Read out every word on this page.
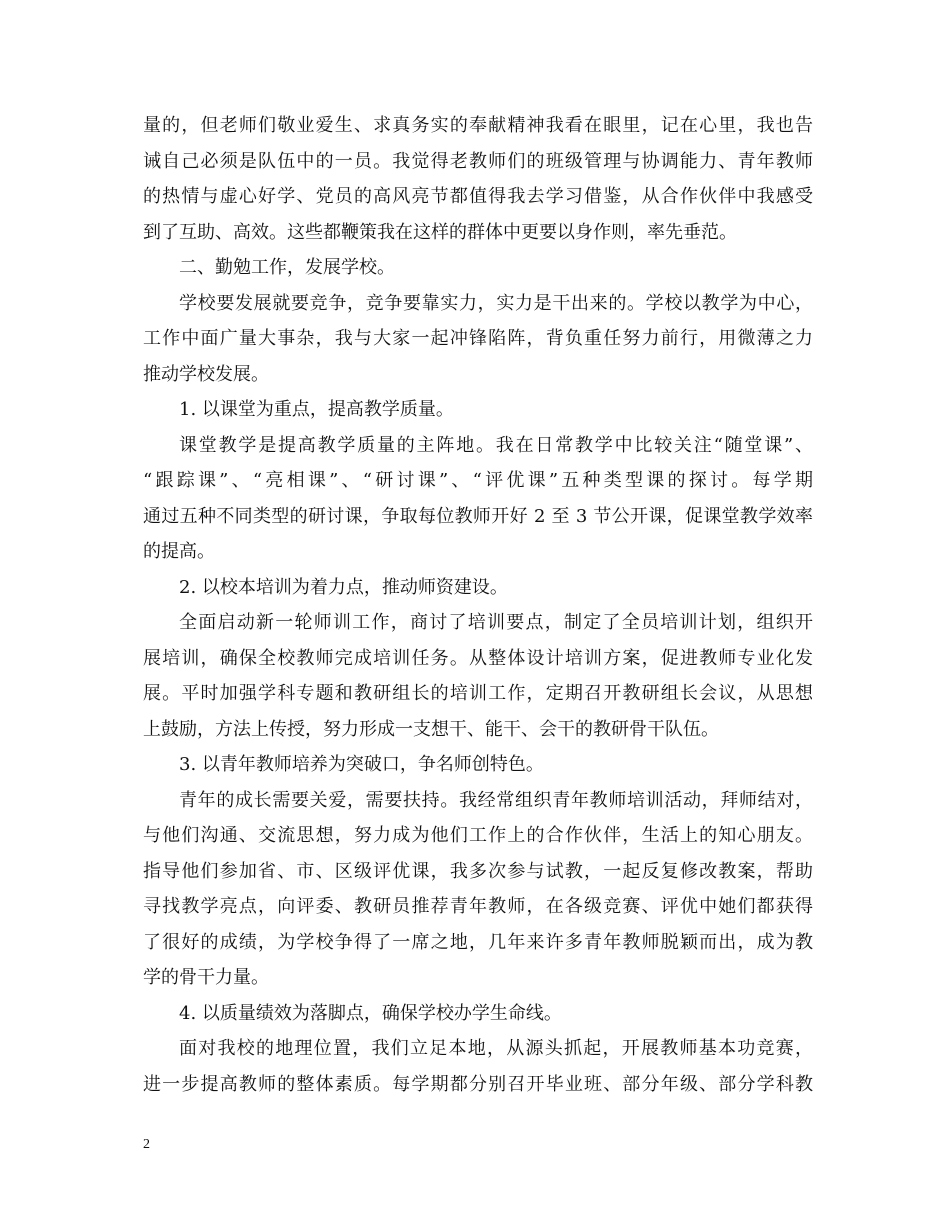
量的，但老师们敬业爱生、求真务实的奉献精神我看在眼里，记在心里，我也告
诫自己必须是队伍中的一员。我觉得老教师们的班级管理与协调能力、青年教师
的热情与虚心好学、党员的高风亮节都值得我去学习借鉴，从合作伙伴中我感受
到了互助、高效。这些都鞭策我在这样的群体中更要以身作则，率先垂范。
二、勤勉工作，发展学校。
学校要发展就要竞争，竞争要靠实力，实力是干出来的。学校以教学为中心，
工作中面广量大事杂，我与大家一起冲锋陷阵，背负重任努力前行，用微薄之力
推动学校发展。
1. 以课堂为重点，提高教学质量。
课堂教学是提高教学质量的主阵地。我在日常教学中比较关注“随堂课”、
“跟踪课”、“亮相课”、“研讨课”、“评优课”五种类型课的探讨。每学期
通过五种不同类型的研讨课，争取每位教师开好 2 至 3 节公开课，促课堂教学效率
的提高。
2. 以校本培训为着力点，推动师资建设。
全面启动新一轮师训工作，商讨了培训要点，制定了全员培训计划，组织开
展培训，确保全校教师完成培训任务。从整体设计培训方案，促进教师专业化发
展。平时加强学科专题和教研组长的培训工作，定期召开教研组长会议，从思想
上鼓励，方法上传授，努力形成一支想干、能干、会干的教研骨干队伍。
3. 以青年教师培养为突破口，争名师创特色。
青年的成长需要关爱，需要扶持。我经常组织青年教师培训活动，拜师结对，
与他们沟通、交流思想，努力成为他们工作上的合作伙伴，生活上的知心朋友。
指导他们参加省、市、区级评优课，我多次参与试教，一起反复修改教案，帮助
寻找教学亮点，向评委、教研员推荐青年教师，在各级竞赛、评优中她们都获得
了很好的成绩，为学校争得了一席之地，几年来许多青年教师脱颖而出，成为教
学的骨干力量。
4. 以质量绩效为落脚点，确保学校办学生命线。
面对我校的地理位置，我们立足本地，从源头抓起，开展教师基本功竞赛，
进一步提高教师的整体素质。每学期都分别召开毕业班、部分年级、部分学科教
2
